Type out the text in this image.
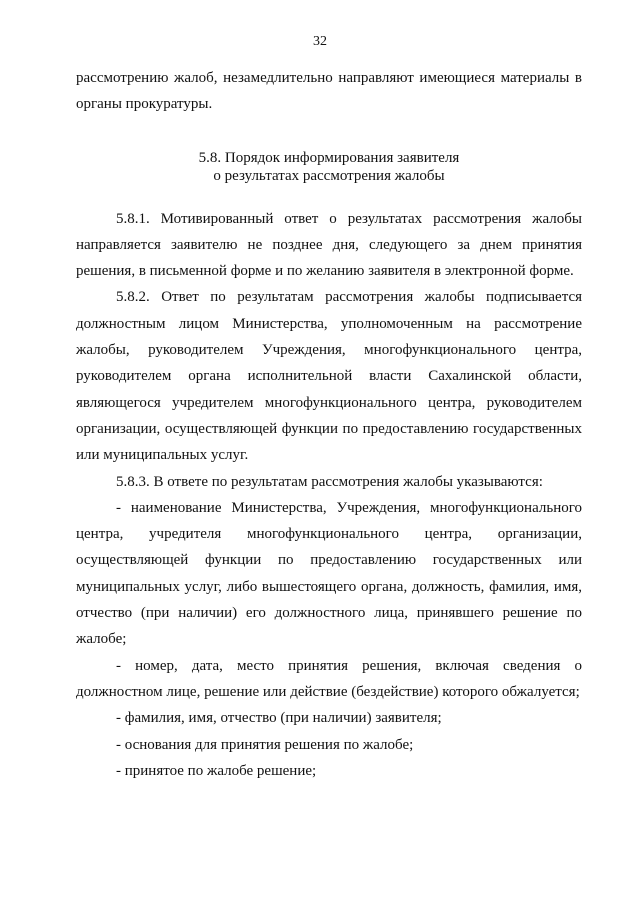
32

рассмотрению жалоб, незамедлительно направляют имеющиеся материалы в органы прокуратуры.

5.8. Порядок информирования заявителя
о результатах рассмотрения жалобы

5.8.1. Мотивированный ответ о результатах рассмотрения жалобы направляется заявителю не позднее дня, следующего за днем принятия решения, в письменной форме и по желанию заявителя в электронной форме.

5.8.2. Ответ по результатам рассмотрения жалобы подписывается должностным лицом Министерства, уполномоченным на рассмотрение жалобы, руководителем Учреждения, многофункционального центра, руководителем органа исполнительной власти Сахалинской области, являющегося учредителем многофункционального центра, руководителем организации, осуществляющей функции по предоставлению государственных или муниципальных услуг.

5.8.3. В ответе по результатам рассмотрения жалобы указываются:

- наименование Министерства, Учреждения, многофункционального центра, учредителя многофункционального центра, организации, осуществляющей функции по предоставлению государственных или муниципальных услуг, либо вышестоящего органа, должность, фамилия, имя, отчество (при наличии) его должностного лица, принявшего решение по жалобе;

- номер, дата, место принятия решения, включая сведения о должностном лице, решение или действие (бездействие) которого обжалуется;

- фамилия, имя, отчество (при наличии) заявителя;

- основания для принятия решения по жалобе;

- принятое по жалобе решение;
